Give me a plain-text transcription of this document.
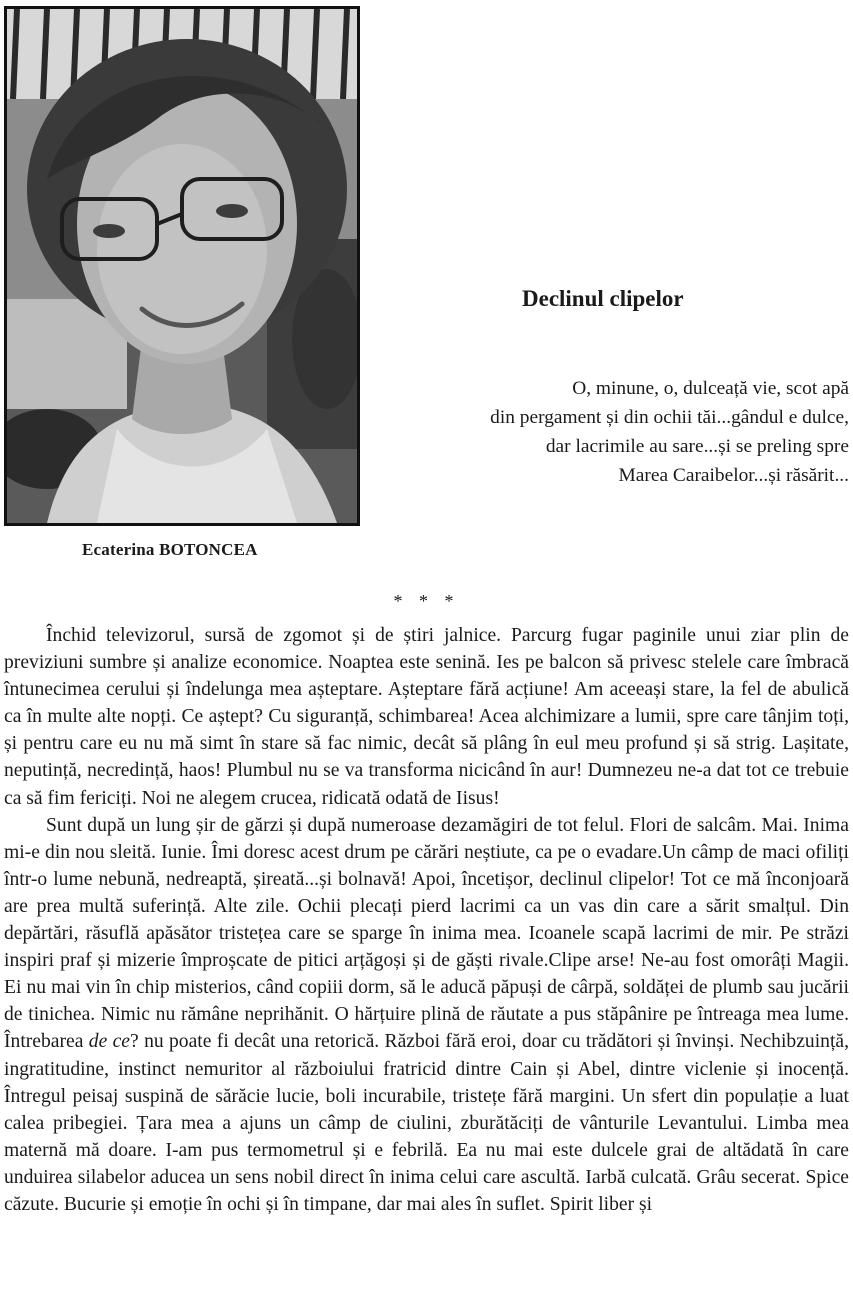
Ecaterina BOTONCEA
Declinul clipelor
O, minune, o, dulceață vie, scot apă
din pergament și din ochii tăi...gândul e dulce,
dar lacrimile au sare...și se preling spre
Marea Caraibelor...și răsărit...
* * *

Închid televizorul, sursă de zgomot și de știri jalnice. Parcurg fugar paginile unui ziar plin de previziuni sumbre și analize economice. Noaptea este senină. Ies pe balcon să privesc stelele care îmbracă întunecimea cerului și îndelunga mea așteptare. Așteptare fără acțiune! Am aceeași stare, la fel de abulică ca în multe alte nopți. Ce aștept? Cu siguranță, schimbarea! Acea alchimizare a lumii, spre care tânjim toți, și pentru care eu nu mă simt în stare să fac nimic, decât să plâng în eul meu profund și să strig. Lașitate, neputință, necredință, haos! Plumbul nu se va transforma nicicând în aur! Dumnezeu ne-a dat tot ce trebuie ca să fim fericiți. Noi ne alegem crucea, ridicată odată de Iisus!

Sunt după un lung șir de gărzi și după numeroase dezamăgiri de tot felul. Flori de salcâm. Mai. Inima mi-e din nou sleită. Iunie. Îmi doresc acest drum pe cărări neștiute, ca pe o evadare.Un câmp de maci ofiliți într-o lume nebună, nedreaptă, șireată...și bolnavă! Apoi, încetișor, declinul clipelor! Tot ce mă înconjoară are prea multă suferință. Alte zile. Ochii plecați pierd lacrimi ca un vas din care a sărit smalțul. Din depărtări, răsuflă apăsător tristețea care se sparge în inima mea. Icoanele scapă lacrimi de mir. Pe străzi inspiri praf și mizerie împroșcate de pitici arțăgoși și de găști rivale.Clipe arse! Ne-au fost omorâți Magii. Ei nu mai vin în chip misterios, când copiii dorm, să le aducă păpuși de cârpă, soldăței de plumb sau jucării de tinichea. Nimic nu rămâne neprihănit. O hărțuire plină de răutate a pus stăpânire pe întreaga mea lume. Întrebarea de ce? nu poate fi decât una retorică. Război fără eroi, doar cu trădători și învinși. Nechibzuință, ingratitudine, instinct nemuritor al războiului fratricid dintre Cain și Abel, dintre viclenie și inocență. Întregul peisaj suspină de sărăcie lucie, boli incurabile, tristețe fără margini. Un sfert din populație a luat calea pribegiei. Țara mea a ajuns un câmp de ciulini, zburătăciți de vânturile Levantului. Limba mea maternă mă doare. I-am pus termometrul și e febrilă. Ea nu mai este dulcele grai de altădată în care unduirea silabelor aducea un sens nobil direct în inima celui care ascultă. Iarbă culcată. Grâu secerat. Spice căzute. Bucurie și emoție în ochi și în timpane, dar mai ales în suflet. Spirit liber și
